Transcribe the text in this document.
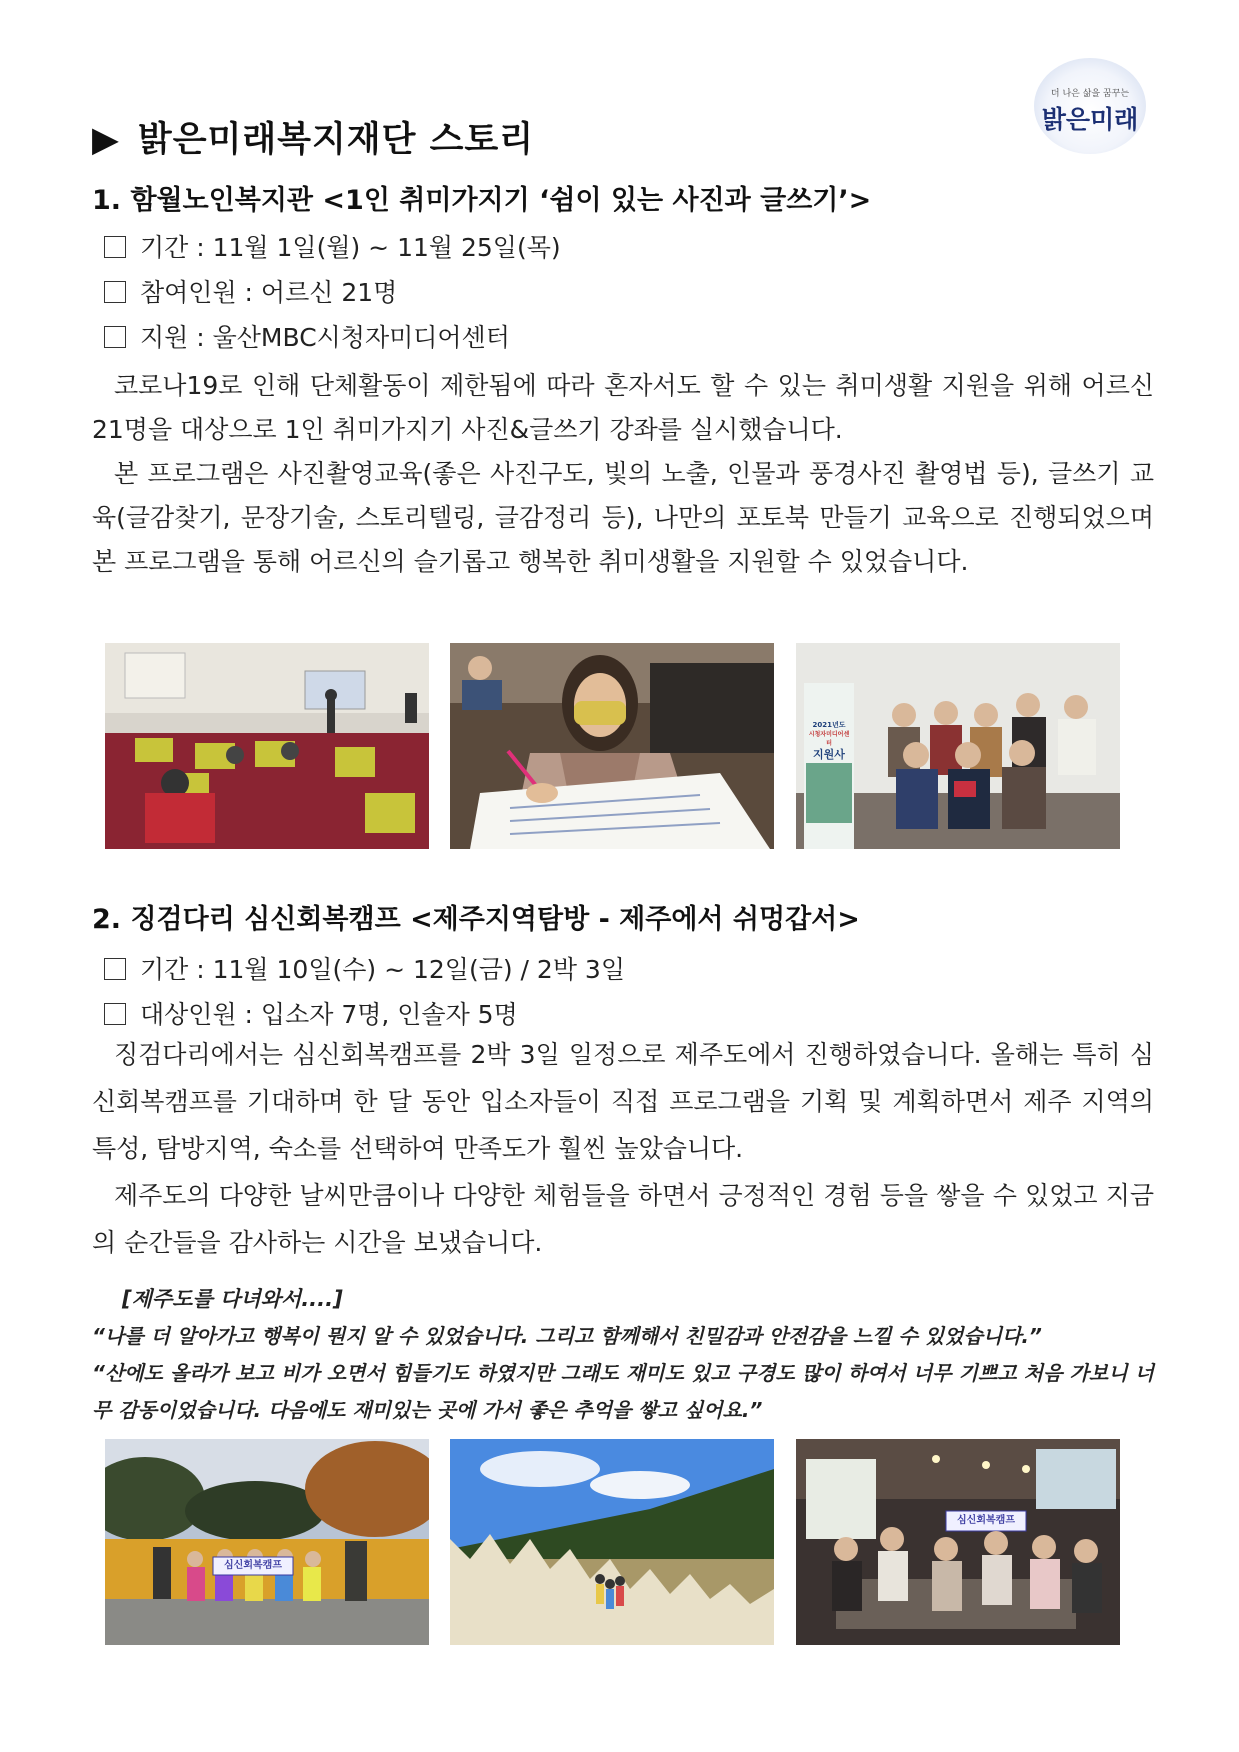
더 나은 삶을 꿈꾸는
밝은미래
▶ 밝은미래복지재단 스토리
1. 함월노인복지관 <1인 취미가지기 ‘쉼이 있는 사진과 글쓰기’>
기간 : 11월 1일(월) ~ 11월 25일(목)
참여인원 : 어르신 21명
지원 : 울산MBC시청자미디어센터

코로나19로 인해 단체활동이 제한됨에 따라 혼자서도 할 수 있는 취미생활 지원을 위해 어르신 21명을 대상으로 1인 취미가지기 사진&글쓰기 강좌를 실시했습니다.

본 프로그램은 사진촬영교육(좋은 사진구도, 빛의 노출, 인물과 풍경사진 촬영법 등), 글쓰기 교육(글감찾기, 문장기술, 스토리텔링, 글감정리 등), 나만의 포토북 만들기 교육으로 진행되었으며 본 프로그램을 통해 어르신의 슬기롭고 행복한 취미생활을 지원할 수 있었습니다.

2021년도
시청자미디어센터
지원사
2. 징검다리 심신회복캠프 <제주지역탐방 - 제주에서 쉬멍갑서>
기간 : 11월 10일(수) ~ 12일(금) / 2박 3일
대상인원 : 입소자 7명, 인솔자 5명

징검다리에서는 심신회복캠프를 2박 3일 일정으로 제주도에서 진행하였습니다. 올해는 특히 심신회복캠프를 기대하며 한 달 동안 입소자들이 직접 프로그램을 기획 및 계획하면서 제주 지역의 특성, 탐방지역, 숙소를 선택하여 만족도가 훨씬 높았습니다.

제주도의 다양한 날씨만큼이나 다양한 체험들을 하면서 긍정적인 경험 등을 쌓을 수 있었고 지금의 순간들을 감사하는 시간을 보냈습니다.

[제주도를 다녀와서....]

“나를 더 알아가고 행복이 뭔지 알 수 있었습니다. 그리고 함께해서 친밀감과 안전감을 느낄 수 있었습니다.”

“산에도 올라가 보고 비가 오면서 힘들기도 하였지만 그래도 재미도 있고 구경도 많이 하여서 너무 기쁘고 처음 가보니 너무 감동이었습니다. 다음에도 재미있는 곳에 가서 좋은 추억을 쌓고 싶어요.”

심신회복캠프
심신회복캠프
